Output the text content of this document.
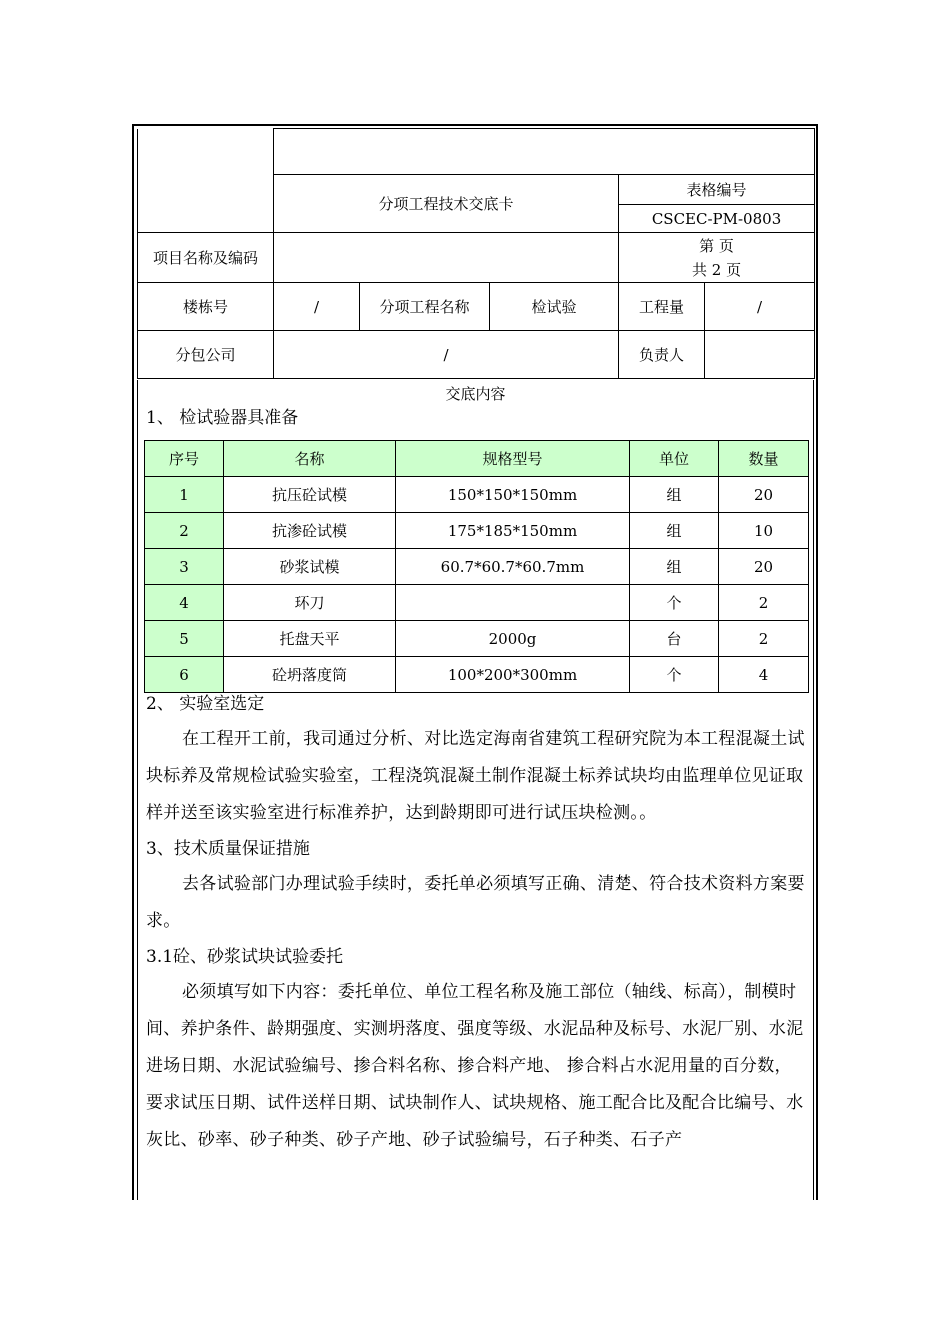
	分项工程技术交底卡			表格编号	
				CSCEC-PM-0803	
项目名称及编码				第 页
共 2 页	

楼栋号	/	分项工程名称	检试验	工程量	/
分包公司	/			负责人	
交底内容
1、 检试验器具准备
序号	名称	规格型号	单位	数量
1	抗压砼试模	150*150*150mm	组	20
2	抗渗砼试模	175*185*150mm	组	10
3	砂浆试模	60.7*60.7*60.7mm	组	20
4	环刀		个	2
5	托盘天平	2000g	台	2
6	砼坍落度筒	100*200*300mm	个	4
2、 实验室选定
在工程开工前，我司通过分析、对比选定海南省建筑工程研究院为本工程混凝土试块标养及常规检试验实验室，工程浇筑混凝土制作混凝土标养试块均由监理单位见证取样并送至该实验室进行标准养护，达到龄期即可进行试压块检测。。
3、技术质量保证措施
去各试验部门办理试验手续时，委托单必须填写正确、清楚、符合技术资料方案要求。
3.1砼、砂浆试块试验委托
必须填写如下内容：委托单位、单位工程名称及施工部位（轴线、标高），制模时间、养护条件、龄期强度、实测坍落度、强度等级、水泥品种及标号、水泥厂别、水泥进场日期、水泥试验编号、掺合料名称、掺合料产地、 掺合料占水泥用量的百分数，要求试压日期、试件送样日期、试块制作人、试块规格、施工配合比及配合比编号、水灰比、砂率、砂子种类、砂子产地、砂子试验编号，石子种类、石子产
